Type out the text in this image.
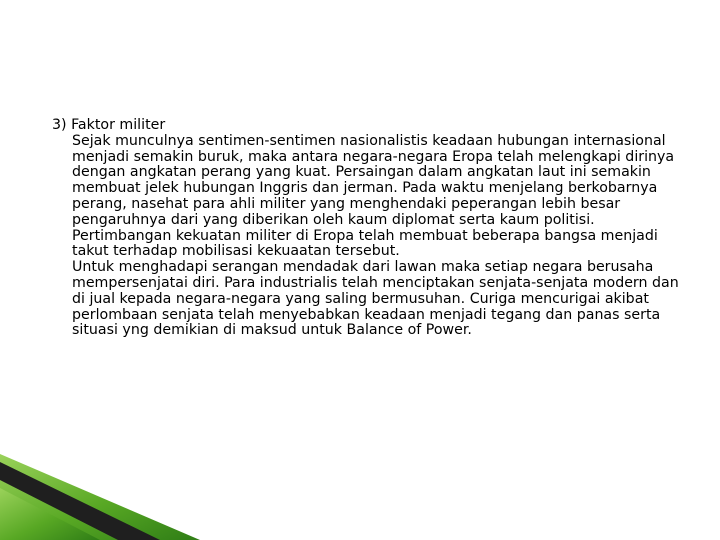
3) Faktor militer

Sejak munculnya sentimen-sentimen nasionalistis keadaan hubungan internasional menjadi semakin buruk, maka antara negara-negara Eropa telah melengkapi dirinya dengan angkatan perang yang kuat. Persaingan dalam angkatan laut ini semakin membuat jelek hubungan Inggris dan jerman. Pada waktu menjelang berkobarnya perang, nasehat para ahli militer yang menghendaki peperangan lebih besar pengaruhnya dari yang diberikan oleh kaum diplomat serta kaum politisi. Pertimbangan kekuatan militer di Eropa telah membuat beberapa bangsa menjadi takut terhadap mobilisasi kekuaatan tersebut.

Untuk menghadapi serangan mendadak dari lawan maka setiap negara berusaha mempersenjatai diri. Para industrialis telah menciptakan senjata-senjata modern dan di jual kepada negara-negara yang saling bermusuhan. Curiga mencurigai akibat perlombaan senjata telah menyebabkan keadaan menjadi tegang dan panas serta situasi yng demikian di maksud untuk Balance of Power.
